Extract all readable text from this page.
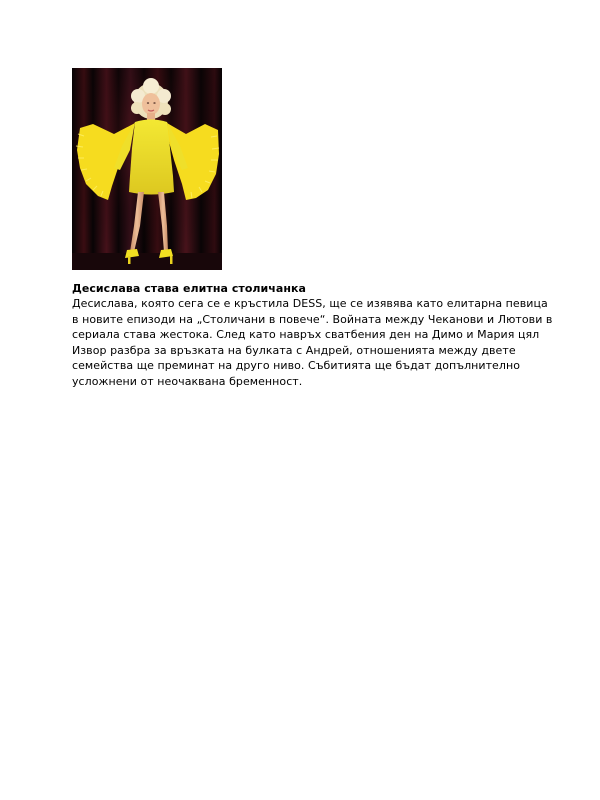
Десислава става елитна столичанка

Десислава, която сега се е кръстила DESS, ще се изявява като елитарна певица

в новите епизоди на „Столичани в повече“. Войната между Чеканови и Лютови в

сериала става жестока. След като навръх сватбения ден на Димо и Мария цял

Извор разбра за връзката на булката с Андрей, отношенията между двете

семейства ще преминат на друго ниво. Събитията ще бъдат допълнително

усложнени от неочаквана бременност.
